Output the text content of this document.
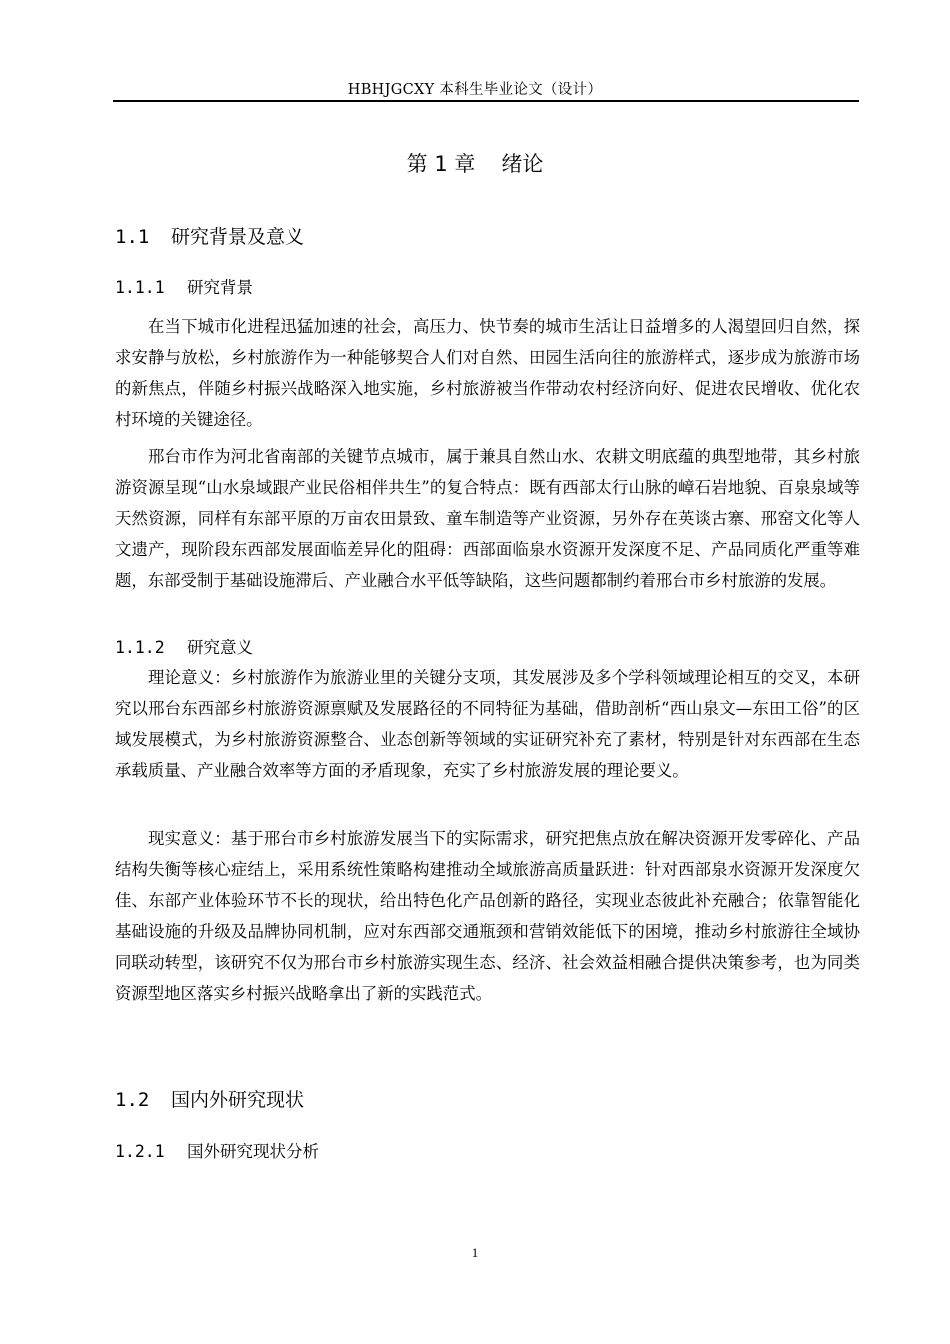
HBHJGCXY 本科生毕业论文（设计）
第 1 章 绪论
1.1 研究背景及意义
1.1.1 研究背景

在当下城市化进程迅猛加速的社会，高压力、快节奏的城市生活让日益增多的人渴望回归自然，探求安静与放松，乡村旅游作为一种能够契合人们对自然、田园生活向往的旅游样式，逐步成为旅游市场的新焦点，伴随乡村振兴战略深入地实施，乡村旅游被当作带动农村经济向好、促进农民增收、优化农村环境的关键途径。

邢台市作为河北省南部的关键节点城市，属于兼具自然山水、农耕文明底蕴的典型地带，其乡村旅游资源呈现“山水泉域跟产业民俗相伴共生”的复合特点：既有西部太行山脉的嶂石岩地貌、百泉泉域等天然资源，同样有东部平原的万亩农田景致、童车制造等产业资源，另外存在英谈古寨、邢窑文化等人文遗产，现阶段东西部发展面临差异化的阻碍：西部面临泉水资源开发深度不足、产品同质化严重等难题，东部受制于基础设施滞后、产业融合水平低等缺陷，这些问题都制约着邢台市乡村旅游的发展。

1.1.2 研究意义

理论意义：乡村旅游作为旅游业里的关键分支项，其发展涉及多个学科领域理论相互的交叉，本研究以邢台东西部乡村旅游资源禀赋及发展路径的不同特征为基础，借助剖析“西山泉文—东田工俗”的区域发展模式，为乡村旅游资源整合、业态创新等领域的实证研究补充了素材，特别是针对东西部在生态承载质量、产业融合效率等方面的矛盾现象，充实了乡村旅游发展的理论要义。

现实意义：基于邢台市乡村旅游发展当下的实际需求，研究把焦点放在解决资源开发零碎化、产品结构失衡等核心症结上，采用系统性策略构建推动全域旅游高质量跃进：针对西部泉水资源开发深度欠佳、东部产业体验环节不长的现状，给出特色化产品创新的路径，实现业态彼此补充融合；依靠智能化基础设施的升级及品牌协同机制，应对东西部交通瓶颈和营销效能低下的困境，推动乡村旅游往全域协同联动转型，该研究不仅为邢台市乡村旅游实现生态、经济、社会效益相融合提供决策参考，也为同类资源型地区落实乡村振兴战略拿出了新的实践范式。

1.2 国内外研究现状
1.2.1 国外研究现状分析
1
